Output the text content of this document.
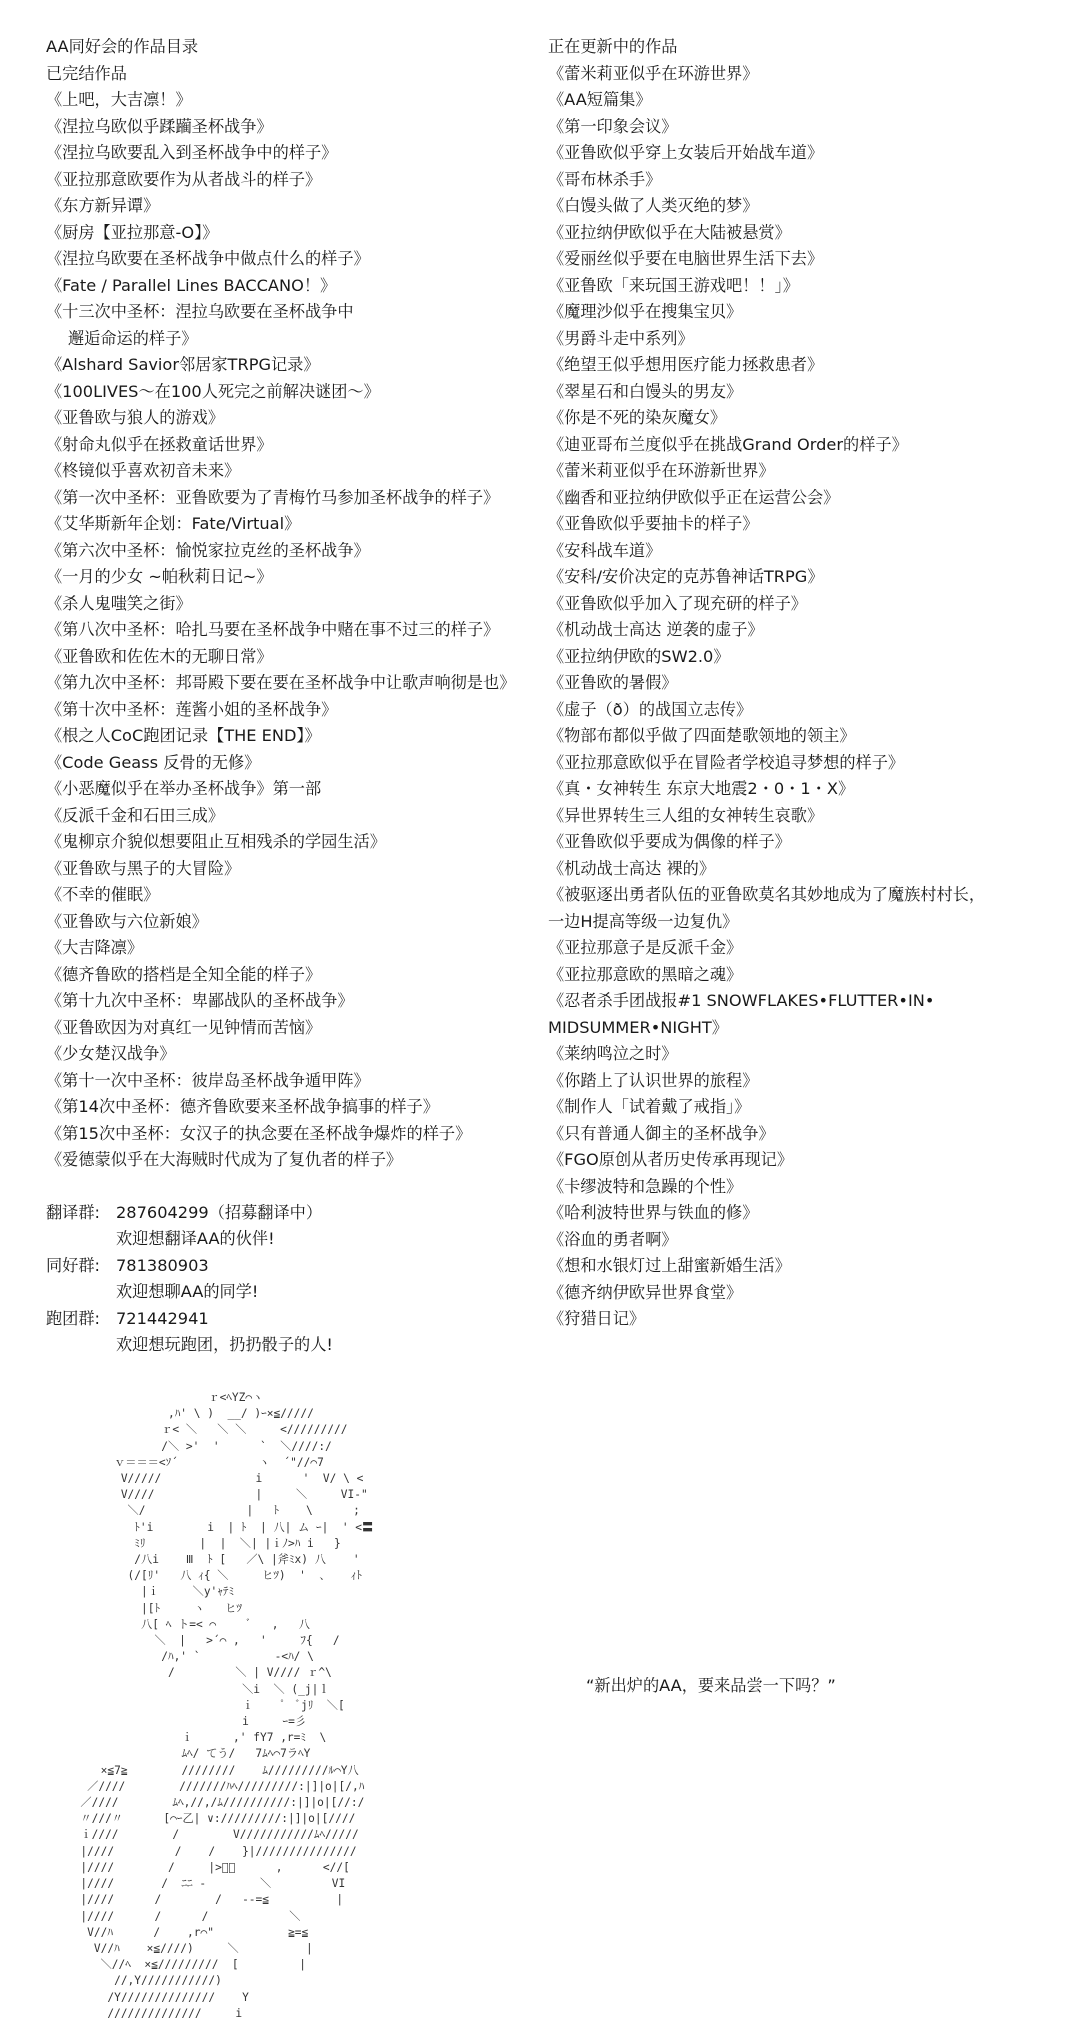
AA同好会的作品目录
已完结作品
《上吧，大吉凛！》
《涅拉乌欧似乎蹂躏圣杯战争》
《涅拉乌欧要乱入到圣杯战争中的样子》
《亚拉那意欧要作为从者战斗的样子》
《东方新异谭》
《厨房【亚拉那意-O】》
《涅拉乌欧要在圣杯战争中做点什么的样子》
《Fate / Parallel Lines BACCANO！》
《十三次中圣杯：涅拉乌欧要在圣杯战争中
邂逅命运的样子》
《Alshard Savior邻居家TRPG记录》
《100LIVES～在100人死完之前解决谜团～》
《亚鲁欧与狼人的游戏》
《射命丸似乎在拯救童话世界》
《柊镜似乎喜欢初音未来》
《第一次中圣杯：亚鲁欧要为了青梅竹马参加圣杯战争的样子》
《艾华斯新年企划：Fate/Virtual》
《第六次中圣杯：愉悦家拉克丝的圣杯战争》
《一月的少女 ~帕秋莉日记~》
《杀人鬼嗤笑之街》
《第八次中圣杯：哈扎马要在圣杯战争中赌在事不过三的样子》
《亚鲁欧和佐佐木的无聊日常》
《第九次中圣杯：邦哥殿下要在要在圣杯战争中让歌声响彻是也》
《第十次中圣杯：莲酱小姐的圣杯战争》
《根之人CoC跑团记录【THE END】》
《Code Geass 反骨的无修》
《小恶魔似乎在举办圣杯战争》第一部
《反派千金和石田三成》
《鬼柳京介貌似想要阻止互相残杀的学园生活》
《亚鲁欧与黑子的大冒险》
《不幸的催眠》
《亚鲁欧与六位新娘》
《大吉降凛》
《德齐鲁欧的搭档是全知全能的样子》
《第十九次中圣杯：卑鄙战队的圣杯战争》
《亚鲁欧因为对真红一见钟情而苦恼》
《少女楚汉战争》
《第十一次中圣杯：彼岸岛圣杯战争遁甲阵》
《第14次中圣杯：德齐鲁欧要来圣杯战争搞事的样子》
《第15次中圣杯：女汉子的执念要在圣杯战争爆炸的样子》
《爱德蒙似乎在大海贼时代成为了复仇者的样子》
翻译群: 287604299（招募翻译中）
欢迎想翻译AA的伙伴!
同好群: 781380903
欢迎想聊AA的同学!
跑团群: 721442941
欢迎想玩跑团，扔扔骰子的人!
正在更新中的作品
《蕾米莉亚似乎在环游世界》
《AA短篇集》
《第一印象会议》
《亚鲁欧似乎穿上女装后开始战车道》
《哥布林杀手》
《白馒头做了人类灭绝的梦》
《亚拉纳伊欧似乎在大陆被悬赏》
《爱丽丝似乎要在电脑世界生活下去》
《亚鲁欧「来玩国王游戏吧！！」》
《魔理沙似乎在搜集宝贝》
《男爵斗走中系列》
《绝望王似乎想用医疗能力拯救患者》
《翠星石和白馒头的男友》
《你是不死的染灰魔女》
《迪亚哥布兰度似乎在挑战Grand Order的样子》
《蕾米莉亚似乎在环游新世界》
《幽香和亚拉纳伊欧似乎正在运营公会》
《亚鲁欧似乎要抽卡的样子》
《安科战车道》
《安科/安价决定的克苏鲁神话TRPG》
《亚鲁欧似乎加入了现充研的样子》
《机动战士高达 逆袭的虚子》
《亚拉纳伊欧的SW2.0》
《亚鲁欧的暑假》
《虚子（ð）的战国立志传》
《物部布都似乎做了四面楚歌领地的领主》
《亚拉那意欧似乎在冒险者学校追寻梦想的样子》
《真・女神转生 东京大地震2・0・1・X》
《异世界转生三人组的女神转生哀歌》
《亚鲁欧似乎要成为偶像的样子》
《机动战士高达 裸的》
《被驱逐出勇者队伍的亚鲁欧莫名其妙地成为了魔族村村长，
一边H提高等级一边复仇》
《亚拉那意子是反派千金》
《亚拉那意欧的黑暗之魂》
《忍者杀手团战报#1 SNOWFLAKES•FLUTTER•IN•
MIDSUMMER•NIGHT》
《莱纳鸣泣之时》
《你踏上了认识世界的旅程》
《制作人「试着戴了戒指」》
《只有普通人御主的圣杯战争》
《FGO原创从者历史传承再现记》
《卡缪波特和急躁的个性》
《哈利波特世界与铁血的修》
《浴血的勇者啊》
《想和水银灯过上甜蜜新婚生活》
《德齐纳伊欧异世界食堂》
《狩猎日记》
ｒ<ﾍYZ⌒ヽ
,ﾊ' \ )  __/ )ｰ×≦/////
ｒ< ＼   ＼ ＼     </////////
/＼ >'  '      `  ＼////:/
ｖ＝＝＝<ｿ´            ヽ  ´"//⌒7
V/////              i      '  V/ \ <
V////               |     ＼     VI-"
＼/               |   ﾄ    \      ;
ﾄ'i        i  | ﾄ  | 八| ム ｰ|  ' <〓
ﾐﾘ        |  |  ＼| |ｉﾉ>ﾊ i   }
/八i    Ⅲ  ﾄ [   ／\ |斧ﾐx) 八    '
(/[ﾘ'   八 ｨ{ ＼     ヒﾂ)  '  、   ｨﾄ
|ｉ     ＼y'ｬﾃﾐ
|[ﾄ     ヽ   ヒﾂ
八[ ﾍ ト=< ⌒     ﾞ   ,   八
＼  |   >´⌒ ,   '     ﾌ{   /
/ﾊ,' `           -<ﾊ/ \
/         ＼ | V//// ｒ^\
＼i  ＼ (_j|ｌ
ｉ    ﾟ  ﾞjﾘ  ＼[
i     ｰ=彡
ｉ      ,' fY7 ,r=ﾐ  \
ﾑﾍ/ てう/   7ﾑﾍ⌒7ラﾍY
×≦7≧        ////////    ﾑ/////////ﾙ⌒Y八
／////        ///////ﾊﾍ/////////:|]|o|[/,ﾊ
／////        ﾑﾍ,//,/ﾑ//////////:|]|o|[//:/
〃///〃      [⌒ｰ乙| ∨://///////:|]|o|[////
ｉ////        /        V///////////ﾑﾍ/////
|////         /    /    }|///////////////
|////        /     |>ﾞﾞ      ,      <//[
|////       /  ﾆﾆ -        ＼         VI
|////      /        /   --=≦          |
|////      /      /            ＼
V//ﾊ      /    ,r⌒"           ≧=≦
V//ﾊ    ×≦////)     ＼          |
＼//ﾍ  ×≦/////////  [         |
//,Y///////////)
/Y//////////////    Y
//////////////     i
“新出炉的AA，要来品尝一下吗？”
